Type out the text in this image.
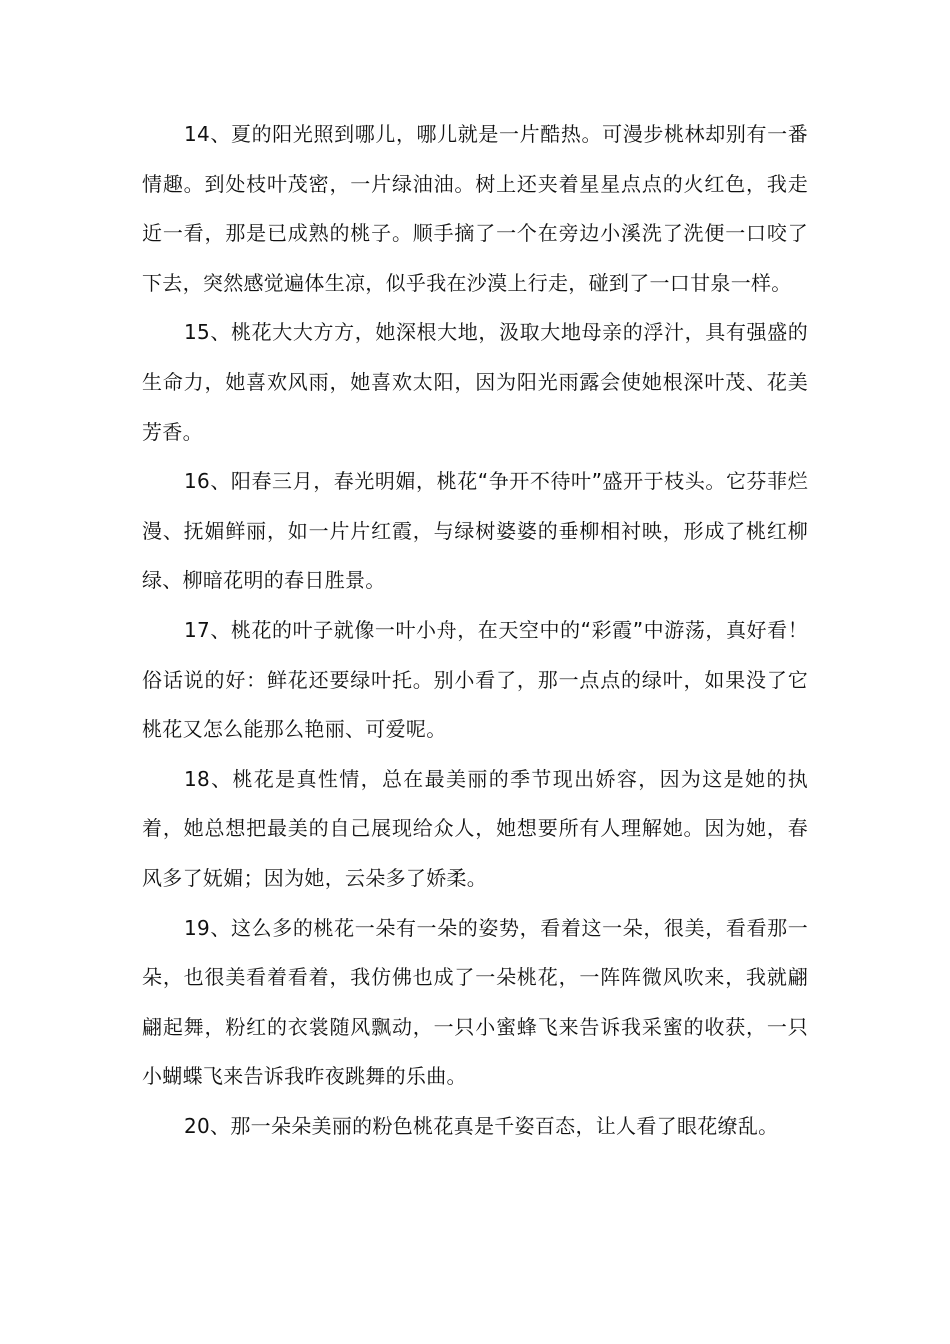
14、夏的阳光照到哪儿，哪儿就是一片酷热。可漫步桃林却别有一番情趣。到处枝叶茂密，一片绿油油。树上还夹着星星点点的火红色，我走近一看，那是已成熟的桃子。顺手摘了一个在旁边小溪洗了洗便一口咬了下去，突然感觉遍体生凉，似乎我在沙漠上行走，碰到了一口甘泉一样。

15、桃花大大方方，她深根大地，汲取大地母亲的浮汁，具有强盛的生命力，她喜欢风雨，她喜欢太阳，因为阳光雨露会使她根深叶茂、花美芳香。

16、阳春三月，春光明媚，桃花“争开不待叶”盛开于枝头。它芬菲烂漫、抚媚鲜丽，如一片片红霞，与绿树婆婆的垂柳相衬映，形成了桃红柳绿、柳暗花明的春日胜景。

17、桃花的叶子就像一叶小舟，在天空中的“彩霞”中游荡，真好看！俗话说的好：鲜花还要绿叶托。别小看了，那一点点的绿叶，如果没了它桃花又怎么能那么艳丽、可爱呢。

18、桃花是真性情，总在最美丽的季节现出娇容，因为这是她的执着，她总想把最美的自己展现给众人，她想要所有人理解她。因为她，春风多了妩媚；因为她，云朵多了娇柔。

19、这么多的桃花一朵有一朵的姿势，看着这一朵，很美，看看那一朵，也很美看着看着，我仿佛也成了一朵桃花，一阵阵微风吹来，我就翩翩起舞，粉红的衣裳随风飘动，一只小蜜蜂飞来告诉我采蜜的收获，一只小蝴蝶飞来告诉我昨夜跳舞的乐曲。

20、那一朵朵美丽的粉色桃花真是千姿百态，让人看了眼花缭乱。
